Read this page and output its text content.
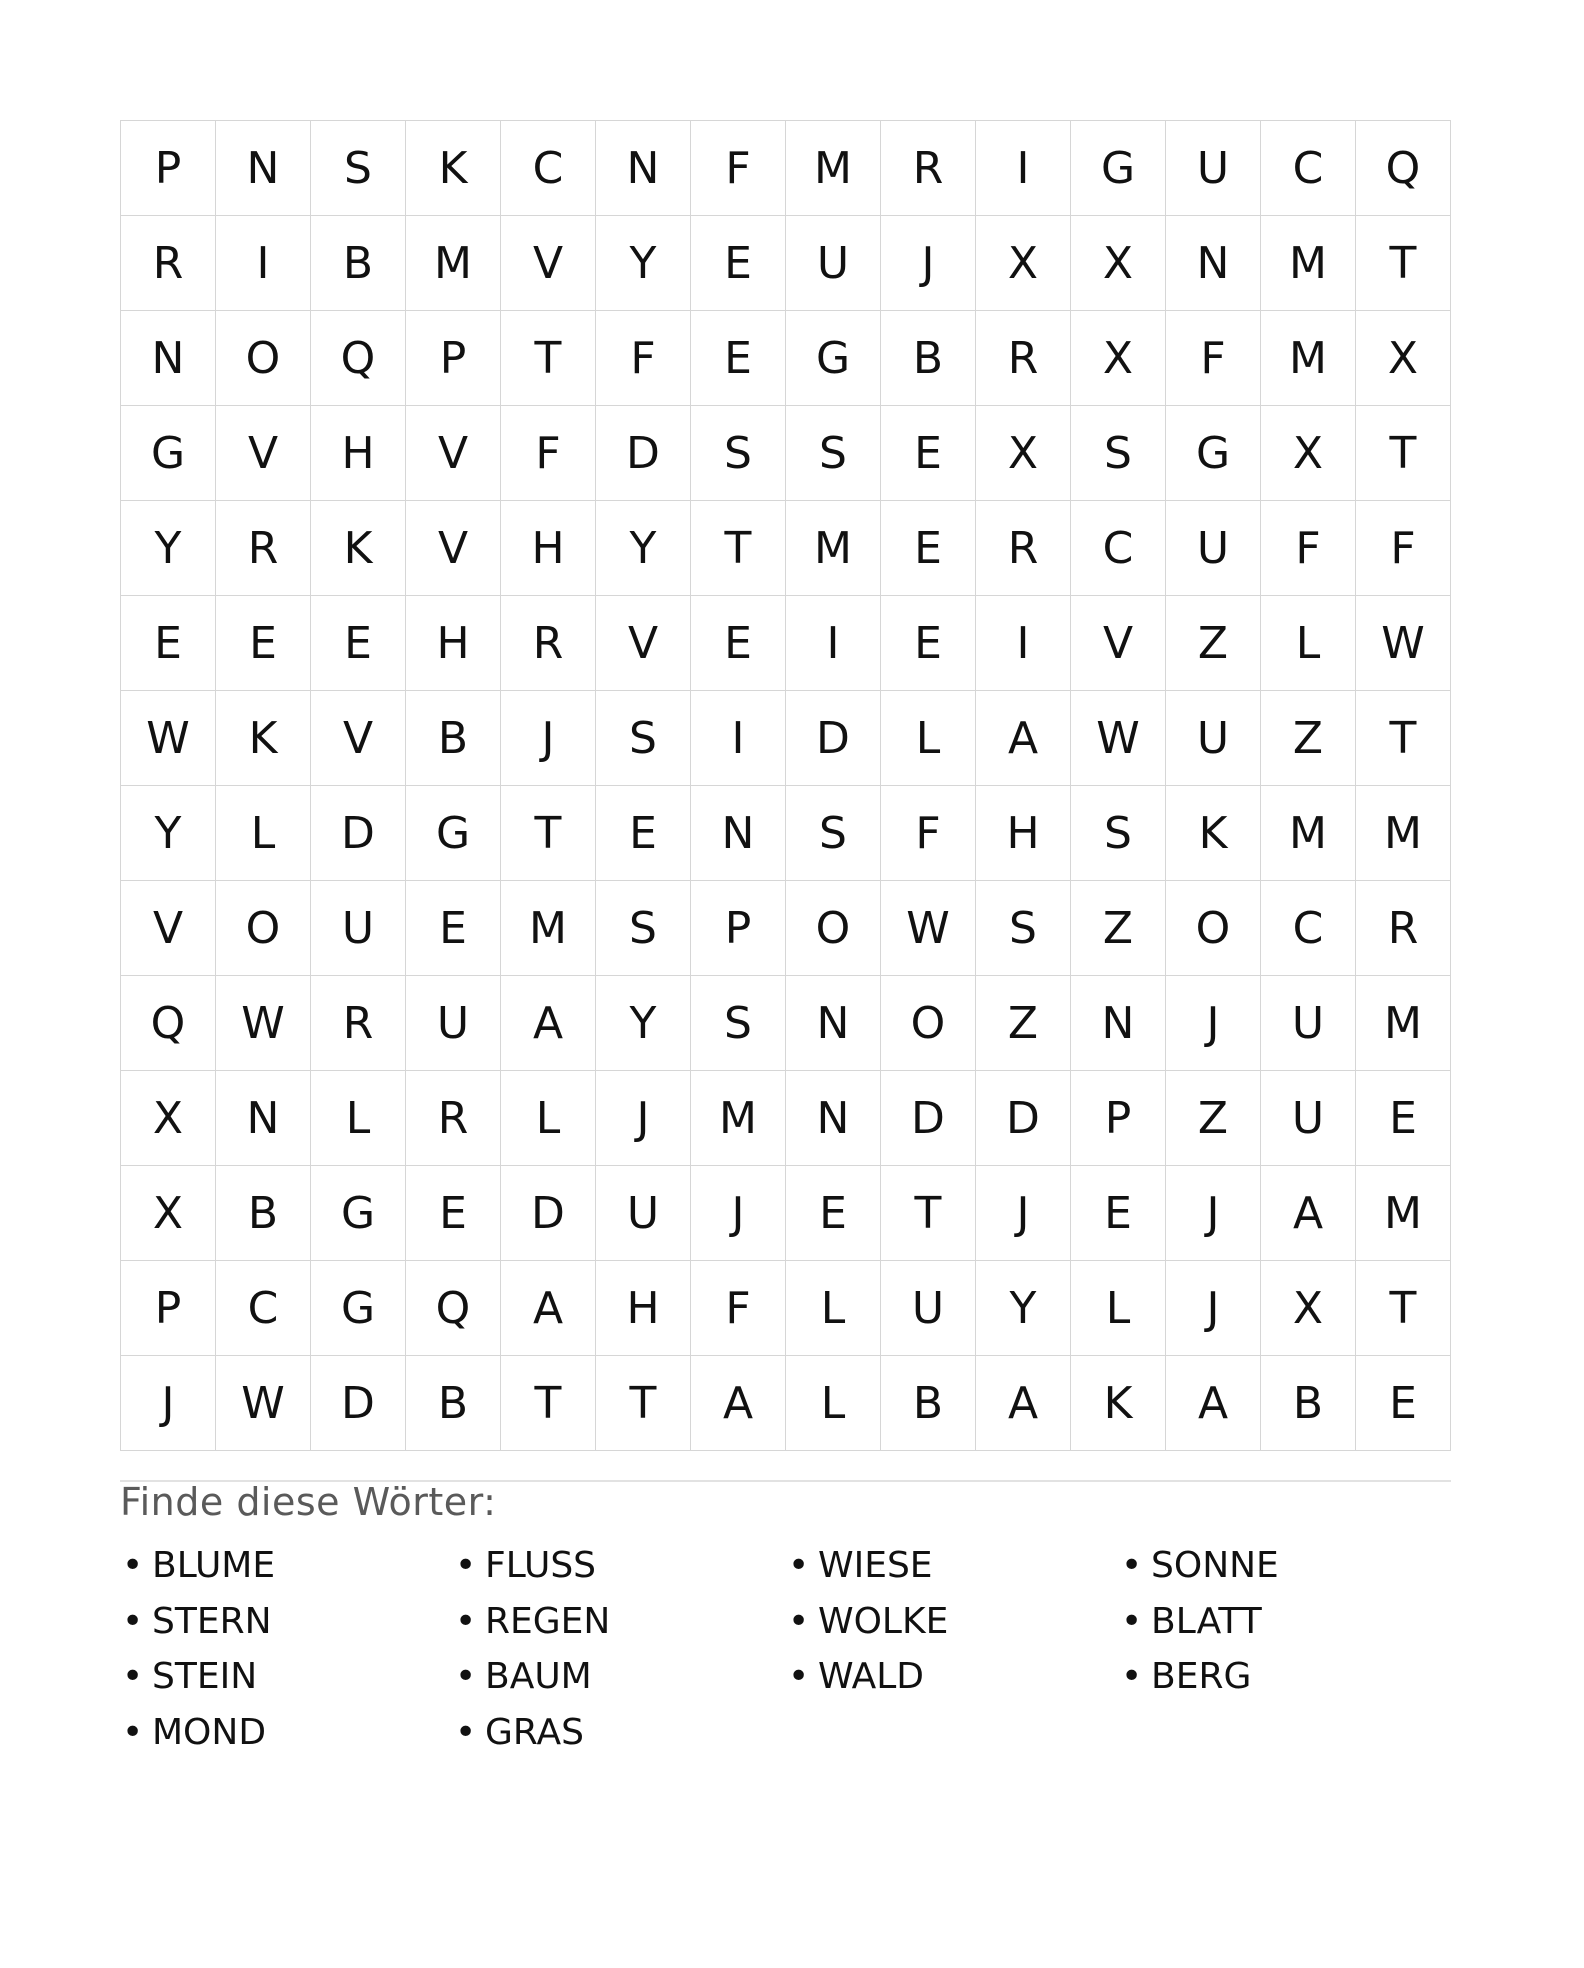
P	N	S	K	C	N	F	M	R	I	G	U	C	Q
R	I	B	M	V	Y	E	U	J	X	X	N	M	T
N	O	Q	P	T	F	E	G	B	R	X	F	M	X
G	V	H	V	F	D	S	S	E	X	S	G	X	T
Y	R	K	V	H	Y	T	M	E	R	C	U	F	F
E	E	E	H	R	V	E	I	E	I	V	Z	L	W
W	K	V	B	J	S	I	D	L	A	W	U	Z	T
Y	L	D	G	T	E	N	S	F	H	S	K	M	M
V	O	U	E	M	S	P	O	W	S	Z	O	C	R
Q	W	R	U	A	Y	S	N	O	Z	N	J	U	M
X	N	L	R	L	J	M	N	D	D	P	Z	U	E
X	B	G	E	D	U	J	E	T	J	E	J	A	M
P	C	G	Q	A	H	F	L	U	Y	L	J	X	T
J	W	D	B	T	T	A	L	B	A	K	A	B	E
Finde diese Wörter:
• BLUME	• FLUSS	• WIESE	• SONNE
• STERN	• REGEN	• WOLKE	• BLATT
• STEIN	• BAUM	• WALD	• BERG
• MOND	• GRAS
